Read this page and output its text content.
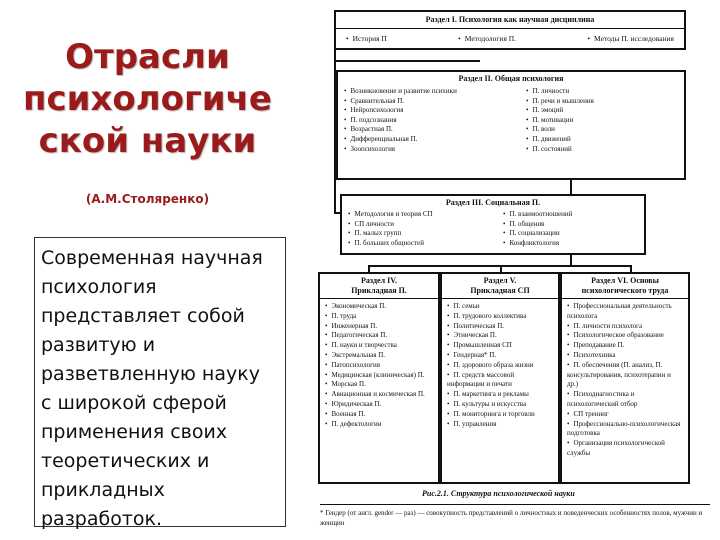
Отрасли
психологиче
ской науки
(А.М.Столяренко)
Современная научная
психология
представляет собой
развитую и
разветвленную науку
с широкой сферой
применения своих
теоретических и
прикладных
разработок.
Раздел I. Психология как научная дисциплина
• История П	• Методология П.	• Методы П. исследования
Раздел II. Общая психология
• Возникновение и развитие психики
• Сравнительная П.
• Нейропсихология
• П. подсознания
• Возрастная П.
• Дифференциальная П.
• Зоопсихология
• П. личности
• П. речи и мышления
• П. эмоций
• П. мотивации
• П. воли
• П. движений
• П. состояний
Раздел III. Социальная П.
• Методология и теория СП
• СП личности
• П. малых групп
• П. больших общностей
• П. взаимоотношений
• П. общения
• П. социализации
• Конфликтология
Раздел IV.
Прикладная П.
• Экономическая П.
• П. труда
• Инженерная П.
• Педагогическая П.
• П. науки и творчества
• Экстремальная П.
• Патопсихология
• Медицинская (клиническая) П.
• Морская П.
• Авиационная и космическая П.
• Юридическая П.
• Военная П.
• П. дефектологии
Раздел V.
Прикладная СП
• П. семьи
• П. трудового коллектива
• Политическая П.
• Этническая П.
• Промышленная СП
• Гендерная* П.
• П. здорового образа жизни
• П. средств массовой информации и печати
• П. маркетинга и рекламы
• П. культуры и искусства
• П. мониторинга и торговли
• П. управления
Раздел VI. Основы
психологического труда
• Профессиональная деятельность психолога
• П. личности психолога
• Психологическое образование
• Преподавание П.
• Психотехника
• П. обеспечения (П. анализ, П. консультирования, психотерапии и др.)
• Психодиагностика и психологический отбор
• СП тренинг
• Профессионально-психологическая подготовка
• Организация психологической службы
Рис.2.1. Структура психологической науки
* Гендер (от англ. gender — раз) — совокупность представлений о личностных и поведенческих особенностях полов, мужчин и женщин
